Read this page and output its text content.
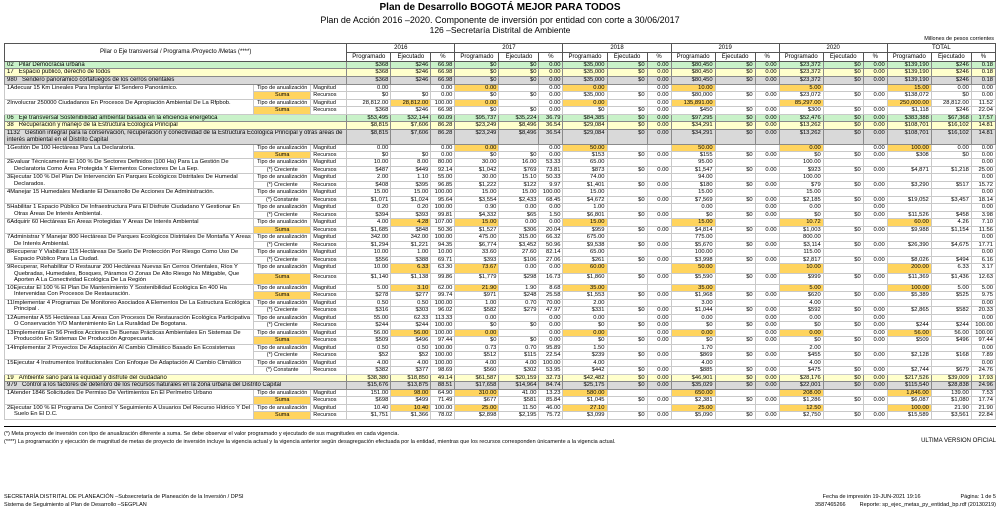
Plan de Desarrollo BOGOTÁ MEJOR PARA TODOS
Plan de Acción 2016 –2020. Componente de inversión por entidad con corte a 30/06/2017
126 –Secretaría Distrital de Ambiente
Millones de pesos corrientes
Pilar o Eje transversal / Programa /Proyecto /Metas (****)			2016			2017			2018			2019			2020			TOTAL		
			Programado	Ejecutado	%	Programado	Ejecutado	%	Programado	Ejecutado	%	Programado	Ejecutado	%	Programado	Ejecutado	%	Programado	Ejecutado	%
02 Pilar Democracia urbana			$368	$246	66.98	$0	$0	0.00	$35,000	$0	0.00	$80,450	$0	0.00	$23,372	$0	0.00	$139,190	$246	0.18
17 Espacio público, derecho de todos			$368	$246	66.98	$0	$0	0.00	$35,000	$0	0.00	$80,450	$0	0.00	$23,372	$0	0.00	$139,190	$246	0.18
980 Sendero panorámico cortafuegos de los cerros orientales			$368	$246	66.98	$0	$0	0.00	$35,000	$0	0.00	$80,450	$0	0.00	$23,372	$0	0.00	$139,190	$246	0.18
1Adecuar 15 Km Lineales Para Implantar El Sendero Panorámico.	Tipo de anualización	Magnitud	0.00		0.00	0.00		0.00	0.00		0.00	10.00			5.00			15.00	0.00	0.00
	Suma	Recursos	$0	$0	0.00	$0	$0	0.00	$35,000	$0	0.00	$80,000	$0	0.00	$23,072	$0	0.00	$138,072	$0	0.00
2Involucrar 250000 Ciudadanos En Procesos De Apropiación Ambiental De La Rfpbob.	Tipo de anualización	Magnitud	28,812.00	28,812.00	100.00	0.00		0.00	0.00		0.00	135,891.00			85,297.00			250,000.00	28,812.00	11.52
	Suma	Recursos	$368	$246	66.98	$0	$0	0.00	$0	$0	0.00	$450	$0	0.00	$300	$0	0.00	$1,118	$246	22.04
06 Eje transversal Sostenibilidad ambiental basada en la eficiencia energética			$53,495	$32,144	60.09	$95,737	$35,224	36.79	$84,385	$0	0.00	$97,295	$0	0.00	$52,476	$0	0.00	$383,388	$67,368	17.57
38 Recuperación y manejo de la Estructura Ecológica Principal			$8,815	$7,606	86.28	$23,249	$8,496	36.54	$29,084	$0	0.00	$34,291	$0	0.00	$13,262	$0	0.00	$108,701	$16,102	14.81
1132 Gestión integral para la conservación, recuperación y conectividad de la Estructura Ecológica Principal y otras áreas de interés ambiental en el Distrito Capital			$8,815	$7,606	86.28	$23,249	$8,496	36.54	$29,084	$0	0.00	$34,291	$0	0.00	$13,262	$0	0.00	$108,701	$16,102	14.81
1Gestión De 100 Hectáreas Para La Declaratoria.	Tipo de anualización	Magnitud	0.00		0.00	0.00		0.00	50.00			50.00			0.00		0.00	100.00	0.00	0.00
	Suma	Recursos	$0	$0	0.00	$0	$0	0.00	$153	$0	0.00	$155	$0	0.00	$0	$0	0.00	$308	$0	0.00
2Evaluar Técnicamente El 100 % De Sectores Definidos (100 Ha) Para La Gestión De Declaratoria Como Área Protegida Y Elementos Conectores De La Eep.	Tipo de anualización	Magnitud	10.00	8.00	80.00	30.00	16.00	53.33	65.00			95.00			100.00					0.00
	(*) Creciente	Recursos	$487	$449	92.14	$1,042	$769	73.81	$873	$0	0.00	$1,547	$0	0.00	$923	$0	0.00	$4,871	$1,218	25.00
3Ejecutar 100 % Del Plan De Intervención En Parques Ecológicos Distritales De Humedal Declarados.	Tipo de anualización	Magnitud	2.00	1.10	55.00	30.00	15.10	50.33	74.00			94.00			100.00					0.00
	(*) Creciente	Recursos	$408	$395	96.85	$1,222	$122	9.97	$1,401	$0	0.00	$180	$0	0.00	$79	$0	0.00	$3,290	$517	15.72
4Manejar 15 Humedales Mediante El Desarrollo De Acciones De Administración.	Tipo de anualización	Magnitud	15.00	15.00	100.00	15.00	15.00	100.00	15.00			15.00			15.00					0.00
	(*) Constante	Recursos	$1,071	$1,024	95.64	$3,554	$2,433	68.45	$4,672	$0	0.00	$7,569	$0	0.00	$2,185	$0	0.00	$19,052	$3,457	18.14
5Habilitar 1 Espacio Público De Infraestructura Para El Disfrute Ciudadano Y Gestionar En Otras Áreas De Interés Ambiental.	Tipo de anualización	Magnitud	0.20	0.20	100.00	0.90	0.00	0.00	1.00			0.00		0.00	0.00		0.00			0.00
	(*) Creciente	Recursos	$394	$393	99.81	$4,332	$65	1.50	$6,801	$0	0.00	$0	$0	0.00	$0	$0	0.00	$11,526	$458	3.98
6Adquirir 60 Hectáreas En Áreas Protegidas Y Áreas De Interés Ambiental	Tipo de anualización	Magnitud	4.00	4.28	107.00	15.00	0.00	0.00	15.00			15.00			10.72			60.00	4.26	7.10
	Suma	Recursos	$1,685	$848	50.36	$1,527	$306	20.04	$959	$0	0.00	$4,814	$0	0.00	$1,003	$0	0.00	$9,988	$1,154	11.56
7Administrar Y Manejar 800 Hectáreas De Parques Ecológicos Distritales De Montaña Y Áreas De Interés Ambiental.	Tipo de anualización	Magnitud	342.00	342.00	100.00	475.00	315.00	66.32	675.00			775.00			800.00					0.00
	(*) Creciente	Recursos	$1,294	$1,221	94.35	$6,774	$3,452	50.96	$9,538	$0	0.00	$5,670	$0	0.00	$3,114	$0	0.00	$26,390	$4,675	17.71
8Recuperar Y Viabilizar 115 Hectáreas De Suelo De Protección Por Riesgo Como Uso De Espacio Público Para La Ciudad.	Tipo de anualización	Magnitud	10.00	1.00	10.00	33.60	27.60	82.14	65.00			100.00			115.00					0.00
	(*) Creciente	Recursos	$556	$388	69.71	$393	$106	27.06	$261	$0	0.00	$3,998	$0	0.00	$2,817	$0	0.00	$8,026	$494	6.16
9Recuperar, Rehabilitar O Restaurar 200 Hectáreas Nuevas En Cerros Orientales, Ríos Y Quebradas, Humedales, Bosques, Páramos O Zonas De Alto Riesgo No Mitigable, Que Aporten A La Conectividad Ecológica De La Región	Tipo de anualización	Magnitud	10.00	6.33	63.30	73.67	0.00	0.00	60.00			50.00			10.00			200.00	6.33	3.17
	Suma	Recursos	$1,140	$1,138	99.86	$1,779	$298	16.73	$1,860	$0	0.00	$5,590	$0	0.00	$999	$0	0.00	$11,369	$1,436	12.63
10Ejecutar El 100 % El Plan De Mantenimiento Y Sostenibilidad Ecológica En 400 Ha Intervenidas Con Procesos De Restauración.	Tipo de anualización	Magnitud	5.00	3.10	62.00	21.90	1.90	8.68	35.00			35.00			5.00			100.00	5.00	5.00
	Suma	Recursos	$278	$277	99.74	$971	$248	25.58	$1,553	$0	0.00	$1,968	$0	0.00	$620	$0	0.00	$5,389	$525	9.75
11Implementar 4 Programas De Monitoreo Asociados A Elementos De La Estructura Ecológica Principal .	Tipo de anualización	Magnitud	0.50	0.50	100.00	1.00	0.70	70.00	2.00			3.00			4.00					0.00
	(*) Creciente	Recursos	$316	$303	96.02	$582	$279	47.97	$331	$0	0.00	$1,044	$0	0.00	$592	$0	0.00	$2,865	$582	20.33
12Aumentar A 55 Hectáreas Las Áreas Con Procesos De Restauración Ecológica Participativa O Conservación Y/O Mantenimiento En La Ruralidad De Bogotana.	Tipo de anualización	Magnitud	55.00	62.33	113.33	0.00		0.00	0.00		0.00	0.00		0.00	0.00		0.00			0.00
	(*) Creciente	Recursos	$244	$244	100.00	$0	$0	0.00	$0	$0	0.00	$0	$0	0.00	$0	$0	0.00	$244	$244	100.00
13Implementar En 56 Predios Acciones De Buenas Prácticas Ambientales En Sistemas De Producción En Sistemas De Producción Agropecuaria.	Tipo de anualización	Magnitud	56.00	56.00	100.00	0.00		0.00	0.00		0.00	0.00		0.00	0.00		0.00	56.00	56.00	100.00
	Suma	Recursos	$509	$496	97.44	$0	$0	0.00	$0	$0	0.00	$0	$0	0.00	$0	$0	0.00	$509	$496	97.44
14Implementar 2 Proyectos De Adaptación Al Cambio Climático Basado En Ecosistemas	Tipo de anualización	Magnitud	0.50	0.50	100.00	0.73	0.70	95.89	1.50			1.70			2.00					0.00
	(*) Creciente	Recursos	$52	$52	100.00	$512	$115	22.54	$239	$0	0.00	$869	$0	0.00	$455	$0	0.00	$2,128	$168	7.89
15Ejecutar 4 Instrumentos Institucionales Con Enfoque De Adaptación Al Cambio Climático	Tipo de anualización	Magnitud	4.00	4.00	100.00	4.00	4.00	100.00	4.00			4.00			4.00					0.00
	(*) Constante	Recursos	$382	$377	98.69	$560	$302	53.95	$442	$0	0.00	$885	$0	0.00	$475	$0	0.00	$2,744	$679	24.76
19 Ambiente sano para la equidad y disfrute del ciudadano			$38,380	$18,850	49.14	$61,587	$20,159	32.73	$42,482	$0	0.00	$46,901	$0	0.00	$28,176	$0	0.00	$217,526	$39,009	17.93
979 Control a los factores de deterioro de los recursos naturales en la zona urbana del Distrito Capital			$15,676	$13,875	88.51	$17,658	$14,964	84.74	$25,175	$0	0.00	$35,029	$0	0.00	$22,001	$0	0.00	$115,540	$28,838	24.96
1Atender 1846 Solicitudes De Permiso De Vertimientos En El Perímetro Urbano	Tipo de anualización	Magnitud	151.00	98.00	64.90	310.00	41.00	13.23	580.00			650.00			208.00			1,846.00	139.00	7.53
	Suma	Recursos	$698	$499	71.49	$677	$581	85.84	$1,045	$0	0.00	$2,381	$0	0.00	$1,286	$0	0.00	$6,087	$1,080	17.74
2Ejecutar 100 % El Programa De Control Y Seguimiento A Usuarios Del Recurso Hídrico Y Del Suelo En El D.C.	Tipo de anualización	Magnitud	10.40	10.40	100.00	25.00	11.50	46.00	27.10			25.00			12.50			100.00	21.90	21.90
	Suma	Recursos	$1,751	$1,366	78.02	$2,898	$2,195	75.72	$3,099	$0	0.00	$5,090	$0	0.00	$2,750	$0	0.00	$15,589	$3,561	22.84
(*) Meta proyecto de inversión con tipo de anualización diferente a suma. Se debe observar el valor programado y ejecutado de sus magnitudes en cada vigencia.
(****) La programación y ejecución de magnitud de metas de proyecto de inversión incluye la vigencia actual y la vigencia anterior según desagregación efectuada por la entidad, mientras que los recursos corresponden únicamente a la vigencia actual.	ULTIMA VERSION OFICIAL
SECRETARÍA DISTRITAL DE PLANEACIÓN –Subsecretaría de Planeación de la Inversión / DPSI
Sistema de Seguimiento al Plan de Desarrollo –SEGPLAN
Fecha de impresión 19-JUN-2021 19:16	Página: 1 de 5
3587465266	Reporte: sp_ejec_metas_py_entidad_bp.rdf (20130219)
